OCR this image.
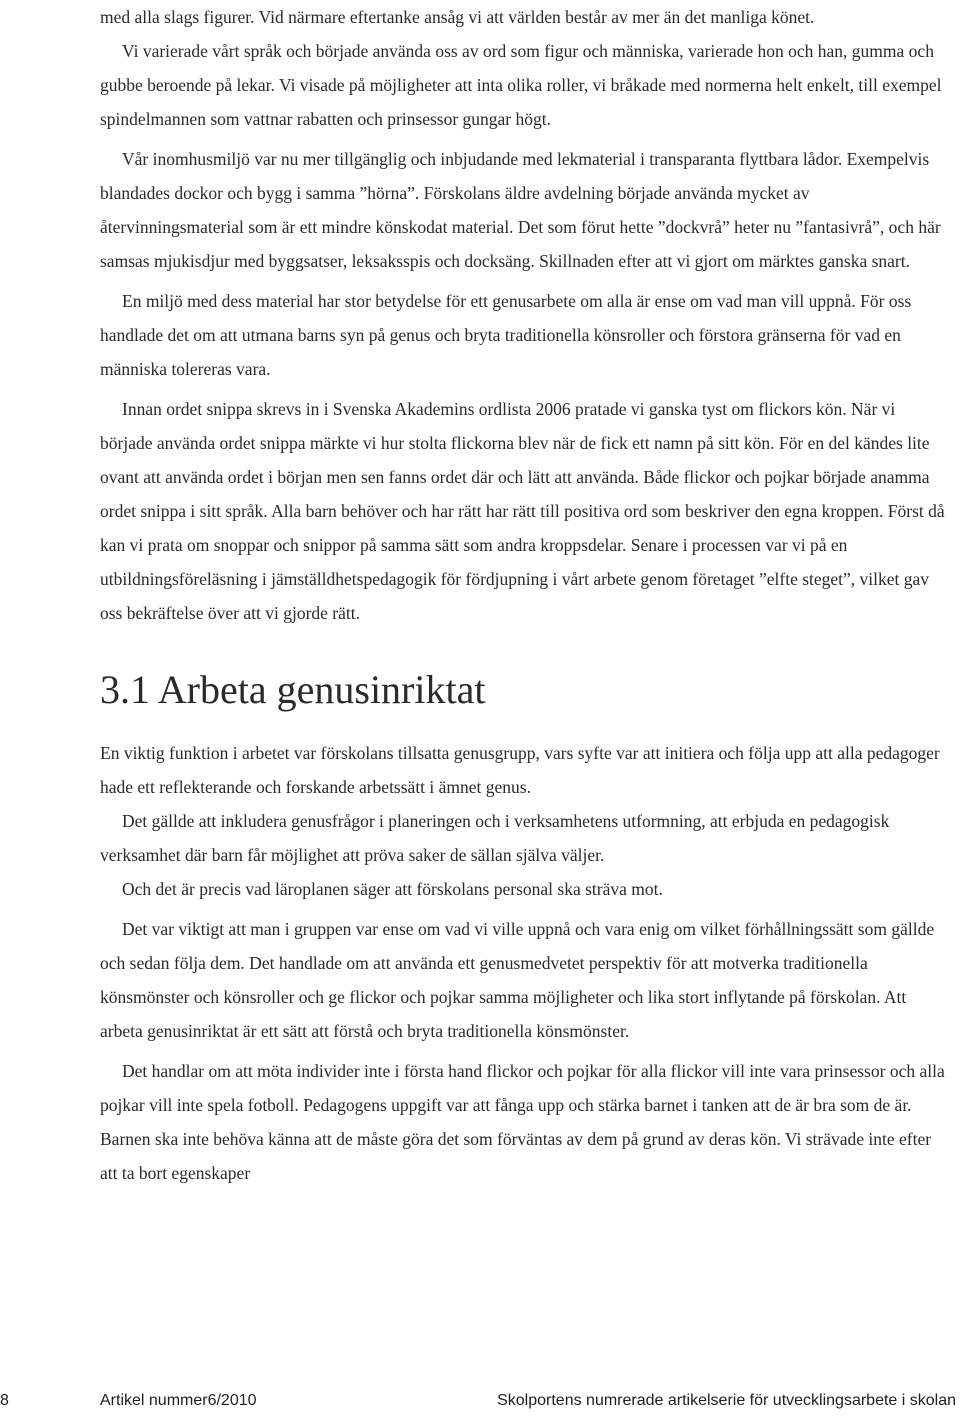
med alla slags figurer. Vid närmare eftertanke ansåg vi att världen består av mer än det manliga könet.

Vi varierade vårt språk och började använda oss av ord som figur och människa, varierade hon och han, gumma och gubbe beroende på lekar. Vi visade på möjligheter att inta olika roller, vi bråkade med normerna helt enkelt, till exempel spindelmannen som vattnar rabatten och prinsessor gungar högt.

Vår inomhusmiljö var nu mer tillgänglig och inbjudande med lekmaterial i transparanta flyttbara lådor. Exempelvis blandades dockor och bygg i samma ”hörna”. Förskolans äldre avdelning började använda mycket av återvinningsmaterial som är ett mindre könskodat material. Det som förut hette ”dockvrå” heter nu ”fantasivrå”, och här samsas mjukisdjur med byggsatser, leksaksspis och docksäng. Skillnaden efter att vi gjort om märktes ganska snart.

En miljö med dess material har stor betydelse för ett genusarbete om alla är ense om vad man vill uppnå. För oss handlade det om att utmana barns syn på genus och bryta traditionella könsroller och förstora gränserna för vad en människa tolereras vara.

Innan ordet snippa skrevs in i Svenska Akademins ordlista 2006 pratade vi ganska tyst om flickors kön. När vi började använda ordet snippa märkte vi hur stolta flickorna blev när de fick ett namn på sitt kön. För en del kändes lite ovant att använda ordet i början men sen fanns ordet där och lätt att använda. Både flickor och pojkar började anamma ordet snippa i sitt språk. Alla barn behöver och har rätt har rätt till positiva ord som beskriver den egna kroppen. Först då kan vi prata om snoppar och snippor på samma sätt som andra kroppsdelar. Senare i processen var vi på en utbildningsföreläsning i jämställdhetspedagogik för fördjupning i vårt arbete genom företaget ”elfte steget”, vilket gav oss bekräftelse över att vi gjorde rätt.

3.1 Arbeta genusinriktat

En viktig funktion i arbetet var förskolans tillsatta genusgrupp, vars syfte var att initiera och följa upp att alla pedagoger hade ett reflekterande och forskande arbetssätt i ämnet genus.

Det gällde att inkludera genusfrågor i planeringen och i verksamhetens utformning, att erbjuda en pedagogisk verksamhet där barn får möjlighet att pröva saker de sällan själva väljer.

Och det är precis vad läroplanen säger att förskolans personal ska sträva mot.

Det var viktigt att man i gruppen var ense om vad vi ville uppnå och vara enig om vilket förhållningssätt som gällde och sedan följa dem. Det handlade om att använda ett genusmedvetet perspektiv för att motverka traditionella könsmönster och könsroller och ge flickor och pojkar samma möjligheter och lika stort inflytande på förskolan. Att arbeta genusinriktat är ett sätt att förstå och bryta traditionella könsmönster.

Det handlar om att möta individer inte i första hand flickor och pojkar för alla flickor vill inte vara prinsessor och alla pojkar vill inte spela fotboll. Pedagogens uppgift var att fånga upp och stärka barnet i tanken att de är bra som de är. Barnen ska inte behöva känna att de måste göra det som förväntas av dem på grund av deras kön. Vi strävade inte efter att ta bort egenskaper

8	Artikel nummer6/2010	Skolportens numrerade artikelserie för utvecklingsarbete i skolan
